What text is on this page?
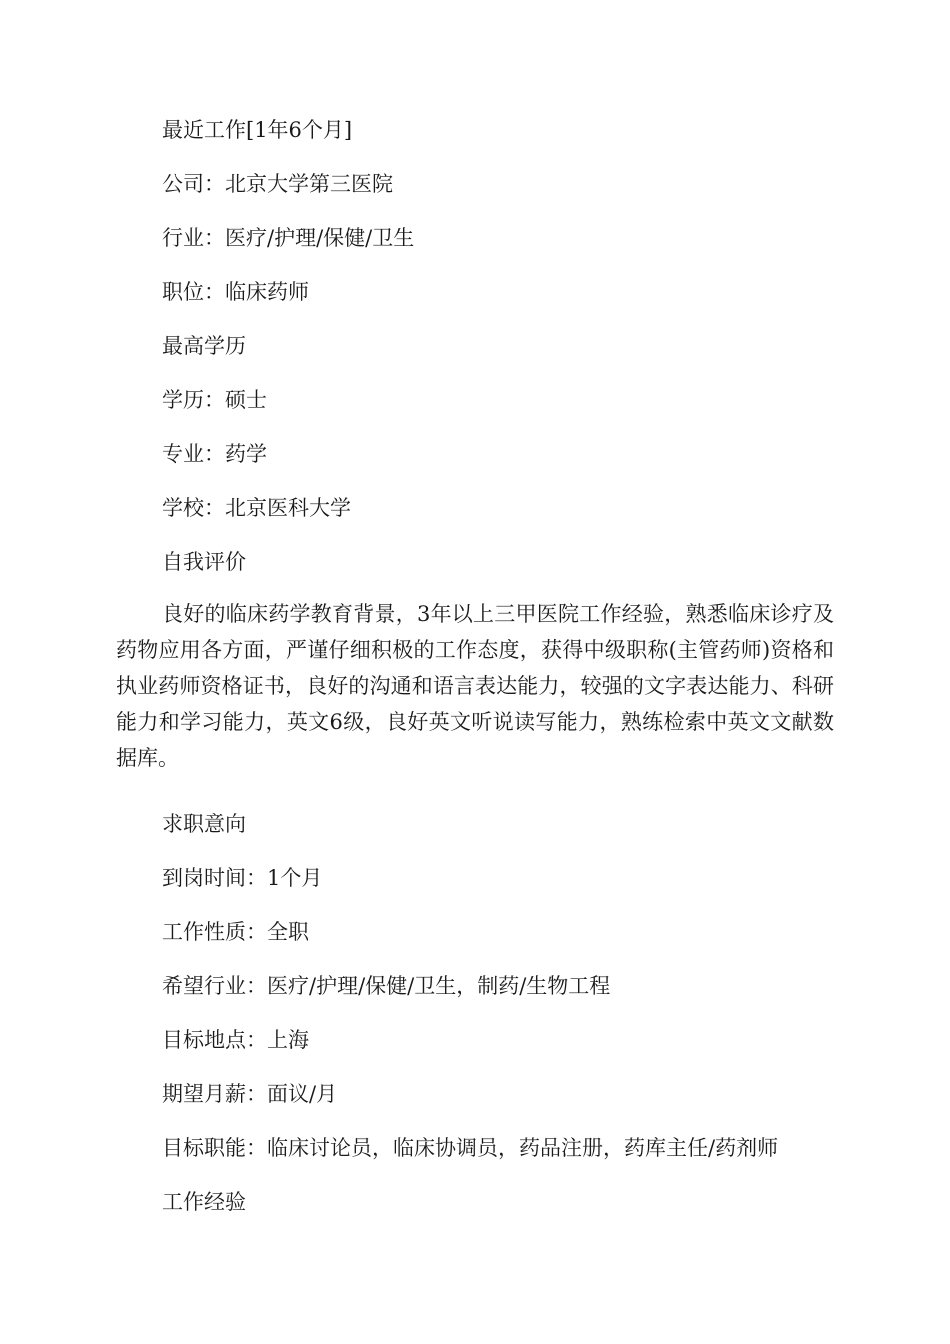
最近工作[1年6个月]
公司：北京大学第三医院
行业：医疗/护理/保健/卫生
职位：临床药师
最高学历
学历：硕士
专业：药学
学校：北京医科大学
自我评价
良好的临床药学教育背景，3年以上三甲医院工作经验，熟悉临床诊疗及药物应用各方面，严谨仔细积极的工作态度，获得中级职称(主管药师)资格和执业药师资格证书，良好的沟通和语言表达能力，较强的文字表达能力、科研能力和学习能力，英文6级，良好英文听说读写能力，熟练检索中英文文献数据库。
求职意向
到岗时间：1个月
工作性质：全职
希望行业：医疗/护理/保健/卫生，制药/生物工程
目标地点：上海
期望月薪：面议/月
目标职能：临床讨论员，临床协调员，药品注册，药库主任/药剂师
工作经验
